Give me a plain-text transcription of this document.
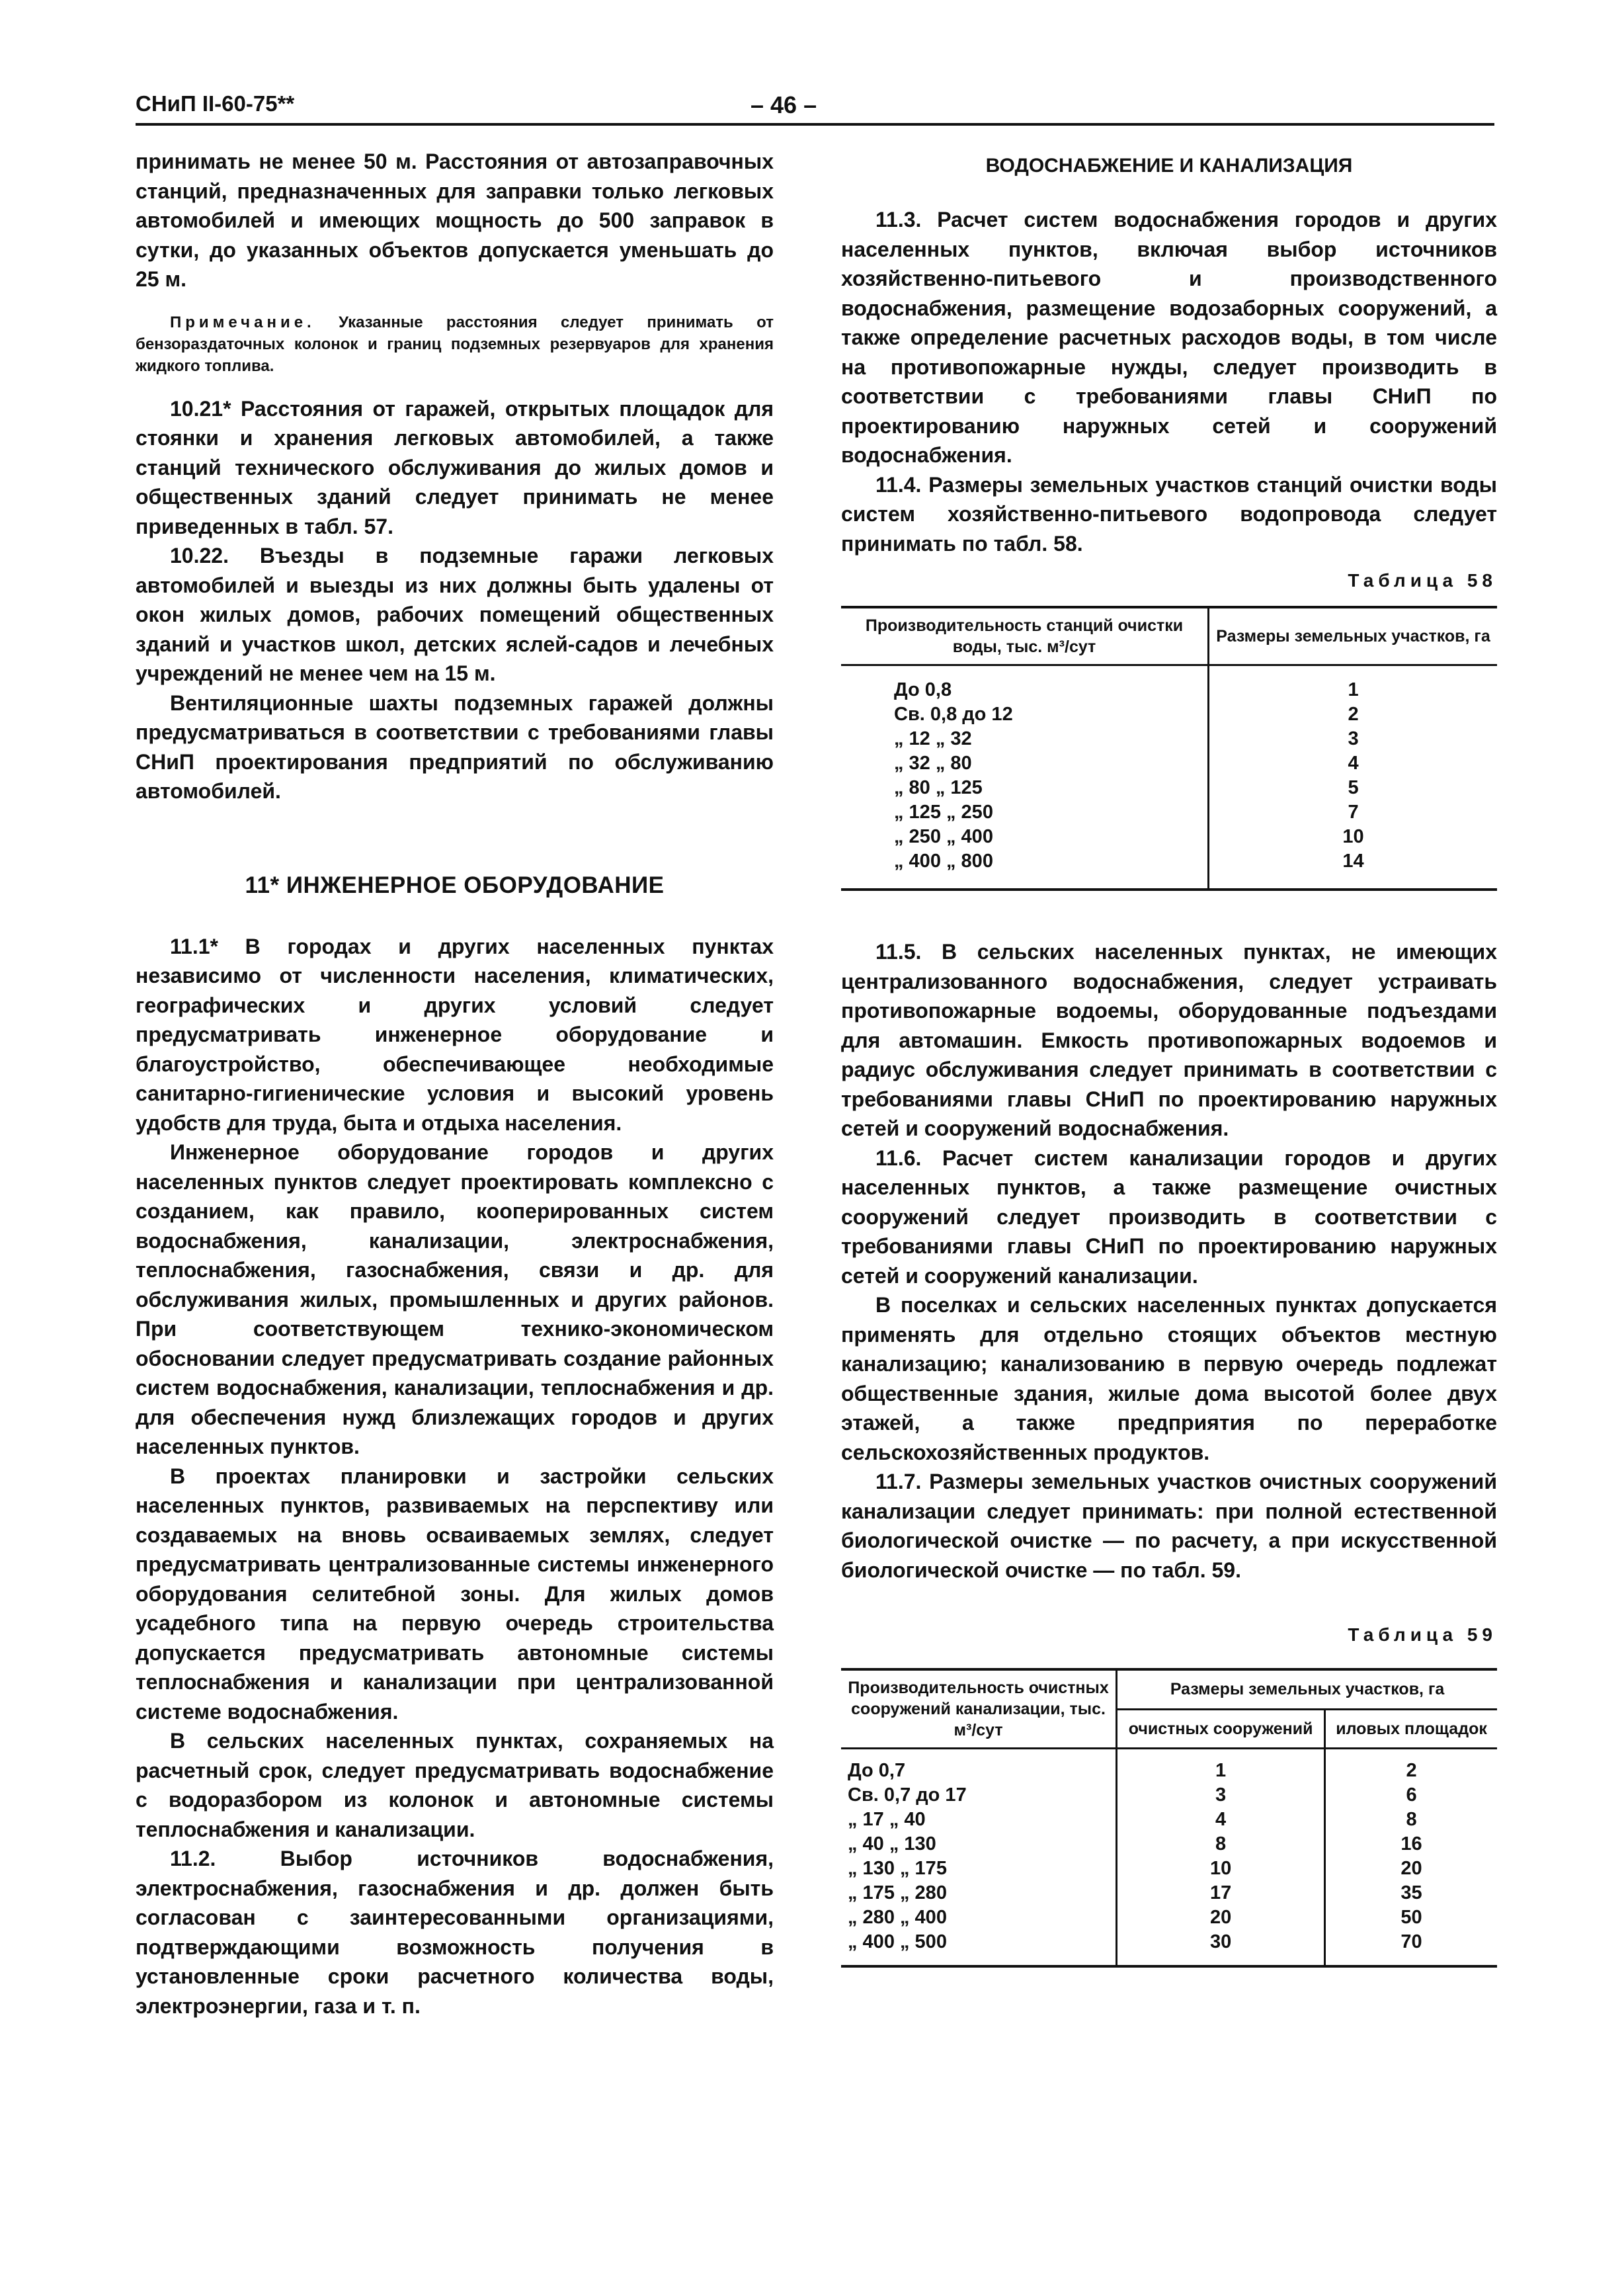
СНиП II-60-75**	– 46 –

принимать не менее 50 м. Расстояния от автозаправочных станций, предназначенных для заправки только легковых автомобилей и имеющих мощность до 500 заправок в сутки, до указанных объектов допускается уменьшать до 25 м.

Примечание. Указанные расстояния следует принимать от бензораздаточных колонок и границ подземных резервуаров для хранения жидкого топлива.

10.21* Расстояния от гаражей, открытых площадок для стоянки и хранения легковых автомобилей, а также станций технического обслуживания до жилых домов и общественных зданий следует принимать не менее приведенных в табл. 57.

10.22. Въезды в подземные гаражи легковых автомобилей и выезды из них должны быть удалены от окон жилых домов, рабочих помещений общественных зданий и участков школ, детских яслей-садов и лечебных учреждений не менее чем на 15 м.

Вентиляционные шахты подземных гаражей должны предусматриваться в соответствии с требованиями главы СНиП проектирования предприятий по обслуживанию автомобилей.

11* ИНЖЕНЕРНОЕ ОБОРУДОВАНИЕ

11.1* В городах и других населенных пунктах независимо от численности населения, климатических, географических и других условий следует предусматривать инженерное оборудование и благоустройство, обеспечивающее необходимые санитарно-гигиенические условия и высокий уровень удобств для труда, быта и отдыха населения.

Инженерное оборудование городов и других населенных пунктов следует проектировать комплексно с созданием, как правило, кооперированных систем водоснабжения, канализации, электроснабжения, теплоснабжения, газоснабжения, связи и др. для обслуживания жилых, промышленных и других районов. При соответствующем технико-экономическом обосновании следует предусматривать создание районных систем водоснабжения, канализации, теплоснабжения и др. для обеспечения нужд близлежащих городов и других населенных пунктов.

В проектах планировки и застройки сельских населенных пунктов, развиваемых на перспективу или создаваемых на вновь осваиваемых землях, следует предусматривать централизованные системы инженерного оборудования селитебной зоны. Для жилых домов усадебного типа на первую очередь строительства допускается предусматривать автономные системы теплоснабжения и канализации при централизованной системе водоснабжения.

В сельских населенных пунктах, сохраняемых на расчетный срок, следует предусматривать водоснабжение с водоразбором из колонок и автономные системы теплоснабжения и канализации.

11.2. Выбор источников водоснабжения, электроснабжения, газоснабжения и др. должен быть согласован с заинтересованными организациями, подтверждающими возможность получения в установленные сроки расчетного количества воды, электроэнергии, газа и т. п.

ВОДОСНАБЖЕНИЕ И КАНАЛИЗАЦИЯ

11.3. Расчет систем водоснабжения городов и других населенных пунктов, включая выбор источников хозяйственно-питьевого и производственного водоснабжения, размещение водозаборных сооружений, а также определение расчетных расходов воды, в том числе на противопожарные нужды, следует производить в соответствии с требованиями главы СНиП по проектированию наружных сетей и сооружений водоснабжения.

11.4. Размеры земельных участков станций очистки воды систем хозяйственно-питьевого водопровода следует принимать по табл. 58.

Таблица 58

Производительность станций очистки воды, тыс. м³/сут	Размеры земельных участков, га

До 0,8	1
Св. 0,8 до 12	2
„ 12 „ 32	3
„ 32 „ 80	4
„ 80 „ 125	5
„ 125 „ 250	7
„ 250 „ 400	10
„ 400 „ 800	14

11.5. В сельских населенных пунктах, не имеющих централизованного водоснабжения, следует устраивать противопожарные водоемы, оборудованные подъездами для автомашин. Емкость противопожарных водоемов и радиус обслуживания следует принимать в соответствии с требованиями главы СНиП по проектированию наружных сетей и сооружений водоснабжения.

11.6. Расчет систем канализации городов и других населенных пунктов, а также размещение очистных сооружений следует производить в соответствии с требованиями главы СНиП по проектированию наружных сетей и сооружений канализации.

В поселках и сельских населенных пунктах допускается применять для отдельно стоящих объектов местную канализацию; канализованию в первую очередь подлежат общественные здания, жилые дома высотой более двух этажей, а также предприятия по переработке сельскохозяйственных продуктов.

11.7. Размеры земельных участков очистных сооружений канализации следует принимать: при полной естественной биологической очистке — по расчету, а при искусственной биологической очистке — по табл. 59.

Таблица 59

Производительность очистных сооружений канализации, тыс. м³/сут	Размеры земельных участков, га	
	очистных сооружений	иловых площадок

До 0,7	1	2
Св. 0,7 до 17	3	6
„ 17 „ 40	4	8
„ 40 „ 130	8	16
„ 130 „ 175	10	20
„ 175 „ 280	17	35
„ 280 „ 400	20	50
„ 400 „ 500	30	70
